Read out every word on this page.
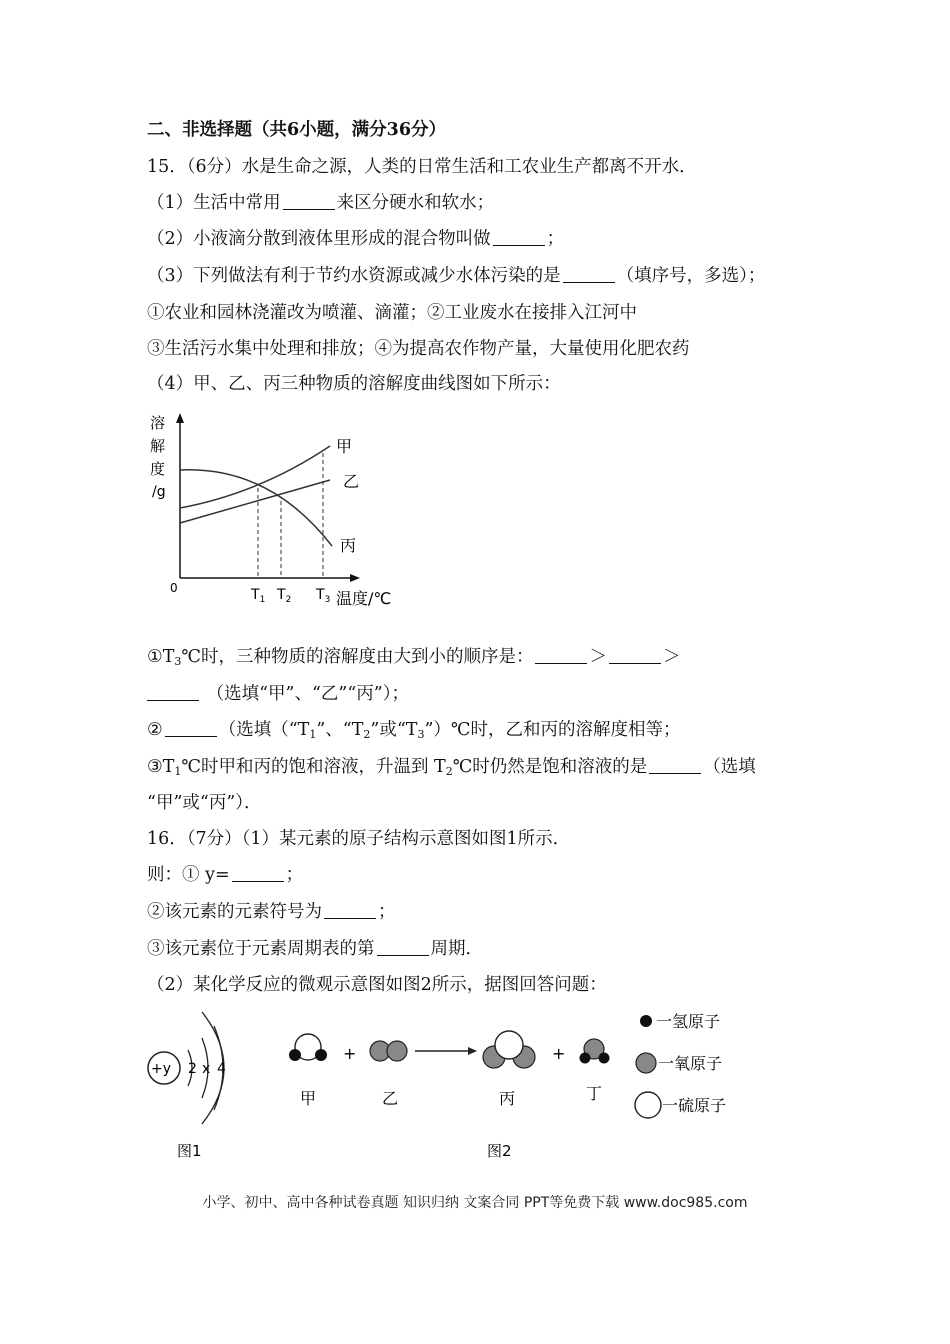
二、非选择题（共6小题，满分36分）
15．（6分）水是生命之源，人类的日常生活和工农业生产都离不开水．
（1）生活中常用	来区分硬水和软水；
（2）小液滴分散到液体里形成的混合物叫做	；
（3）下列做法有利于节约水资源或减少水体污染的是	（填序号，多选）；
①农业和园林浇灌改为喷灌、滴灌；②工业废水在接排入江河中
③生活污水集中处理和排放；④为提高农作物产量，大量使用化肥农药
（4）甲、乙、丙三种物质的溶解度曲线图如下所示：
溶
解
度
/g
0	$T_1$ $T_2$ $T_3$ 温度/℃
甲
乙
丙
$①T_3℃$时，三种物质的溶解度由大到小的顺序是：	＞	＞
（选填“甲”、“乙”“丙”）；
②	（选填（“$T_1$”、“$T_2$”或“$T_3”)℃$时，乙和丙的溶解度相等；
$③T_1℃$时甲和丙的饱和溶液，升温到 $T_2℃$时仍然是饱和溶液的是	（选填
“甲”或“丙”）．
16．（7分）（1）某元素的原子结构示意图如图1所示．
则：① y=	；
②该元素的元素符号为	；
③该元素位于元素周期表的第	周期．
（2）某化学反应的微观示意图如图2所示，据图回答问题：
+y 2 x 4
图1
甲
+
乙	丙
+
丁
一氢原子
一氧原子
一硫原子
图2
小学、初中、高中各种试卷真题 知识归纳 文案合同 PPT等免费下载 www.doc985.com
